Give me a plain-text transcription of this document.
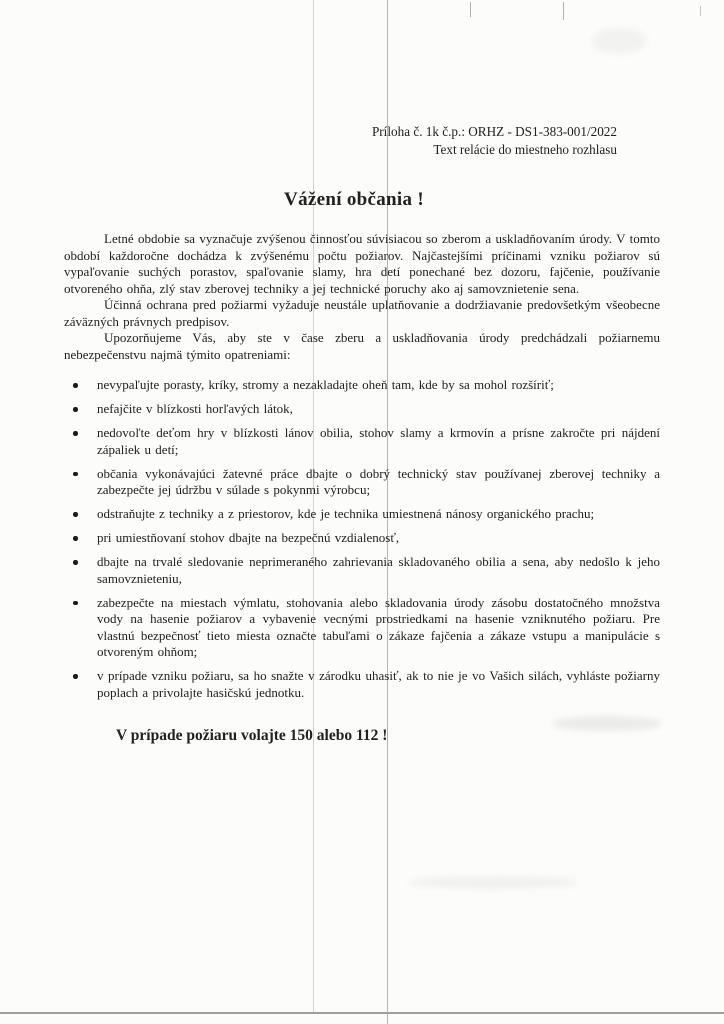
Príloha č. 1k č.p.: ORHZ - DS1-383-001/2022
Text relácie do miestneho rozhlasu
Vážení občania !

Letné obdobie sa vyznačuje zvýšenou činnosťou súvisiacou so zberom a uskladňovaním úrody. V tomto období každoročne dochádza k zvýšenému počtu požiarov. Najčastejšími príčinami vzniku požiarov sú vypaľovanie suchých porastov, spaľovanie slamy, hra detí ponechané bez dozoru, fajčenie, používanie otvoreného ohňa, zlý stav zberovej techniky a jej technické poruchy ako aj samovznietenie sena.

Účinná ochrana pred požiarmi vyžaduje neustále uplatňovanie a dodržiavanie predovšetkým všeobecne záväzných právnych predpisov.

Upozorňujeme Vás, aby ste v čase zberu a uskladňovania úrody predchádzali požiarnemu nebezpečenstvu najmä týmito opatreniami:

nevypaľujte porasty, kríky, stromy a nezakladajte oheň tam, kde by sa mohol rozšíriť;
nefajčite v blízkosti horľavých látok,
nedovoľte deťom hry v blízkosti lánov obilia, stohov slamy a krmovín a prísne zakročte pri nájdení zápaliek u detí;
občania vykonávajúci žatevné práce dbajte o dobrý technický stav používanej zberovej techniky a zabezpečte jej údržbu v súlade s pokynmi výrobcu;
odstraňujte z techniky a z priestorov, kde je technika umiestnená nánosy organického prachu;
pri umiestňovaní stohov dbajte na bezpečnú vzdialenosť,
dbajte na trvalé sledovanie neprimeraného zahrievania skladovaného obilia a sena, aby nedošlo k jeho samovznieteniu,
zabezpečte na miestach výmlatu, stohovania alebo skladovania úrody zásobu dostatočného množstva vody na hasenie požiarov a vybavenie vecnými prostriedkami na hasenie vzniknutého požiaru. Pre vlastnú bezpečnosť tieto miesta označte tabuľami o zákaze fajčenia a zákaze vstupu a manipulácie s otvoreným ohňom;
v prípade vzniku požiaru, sa ho snažte v zárodku uhasiť, ak to nie je vo Vašich silách, vyhláste požiarny poplach a privolajte hasičskú jednotku.

V prípade požiaru volajte 150 alebo 112 !
